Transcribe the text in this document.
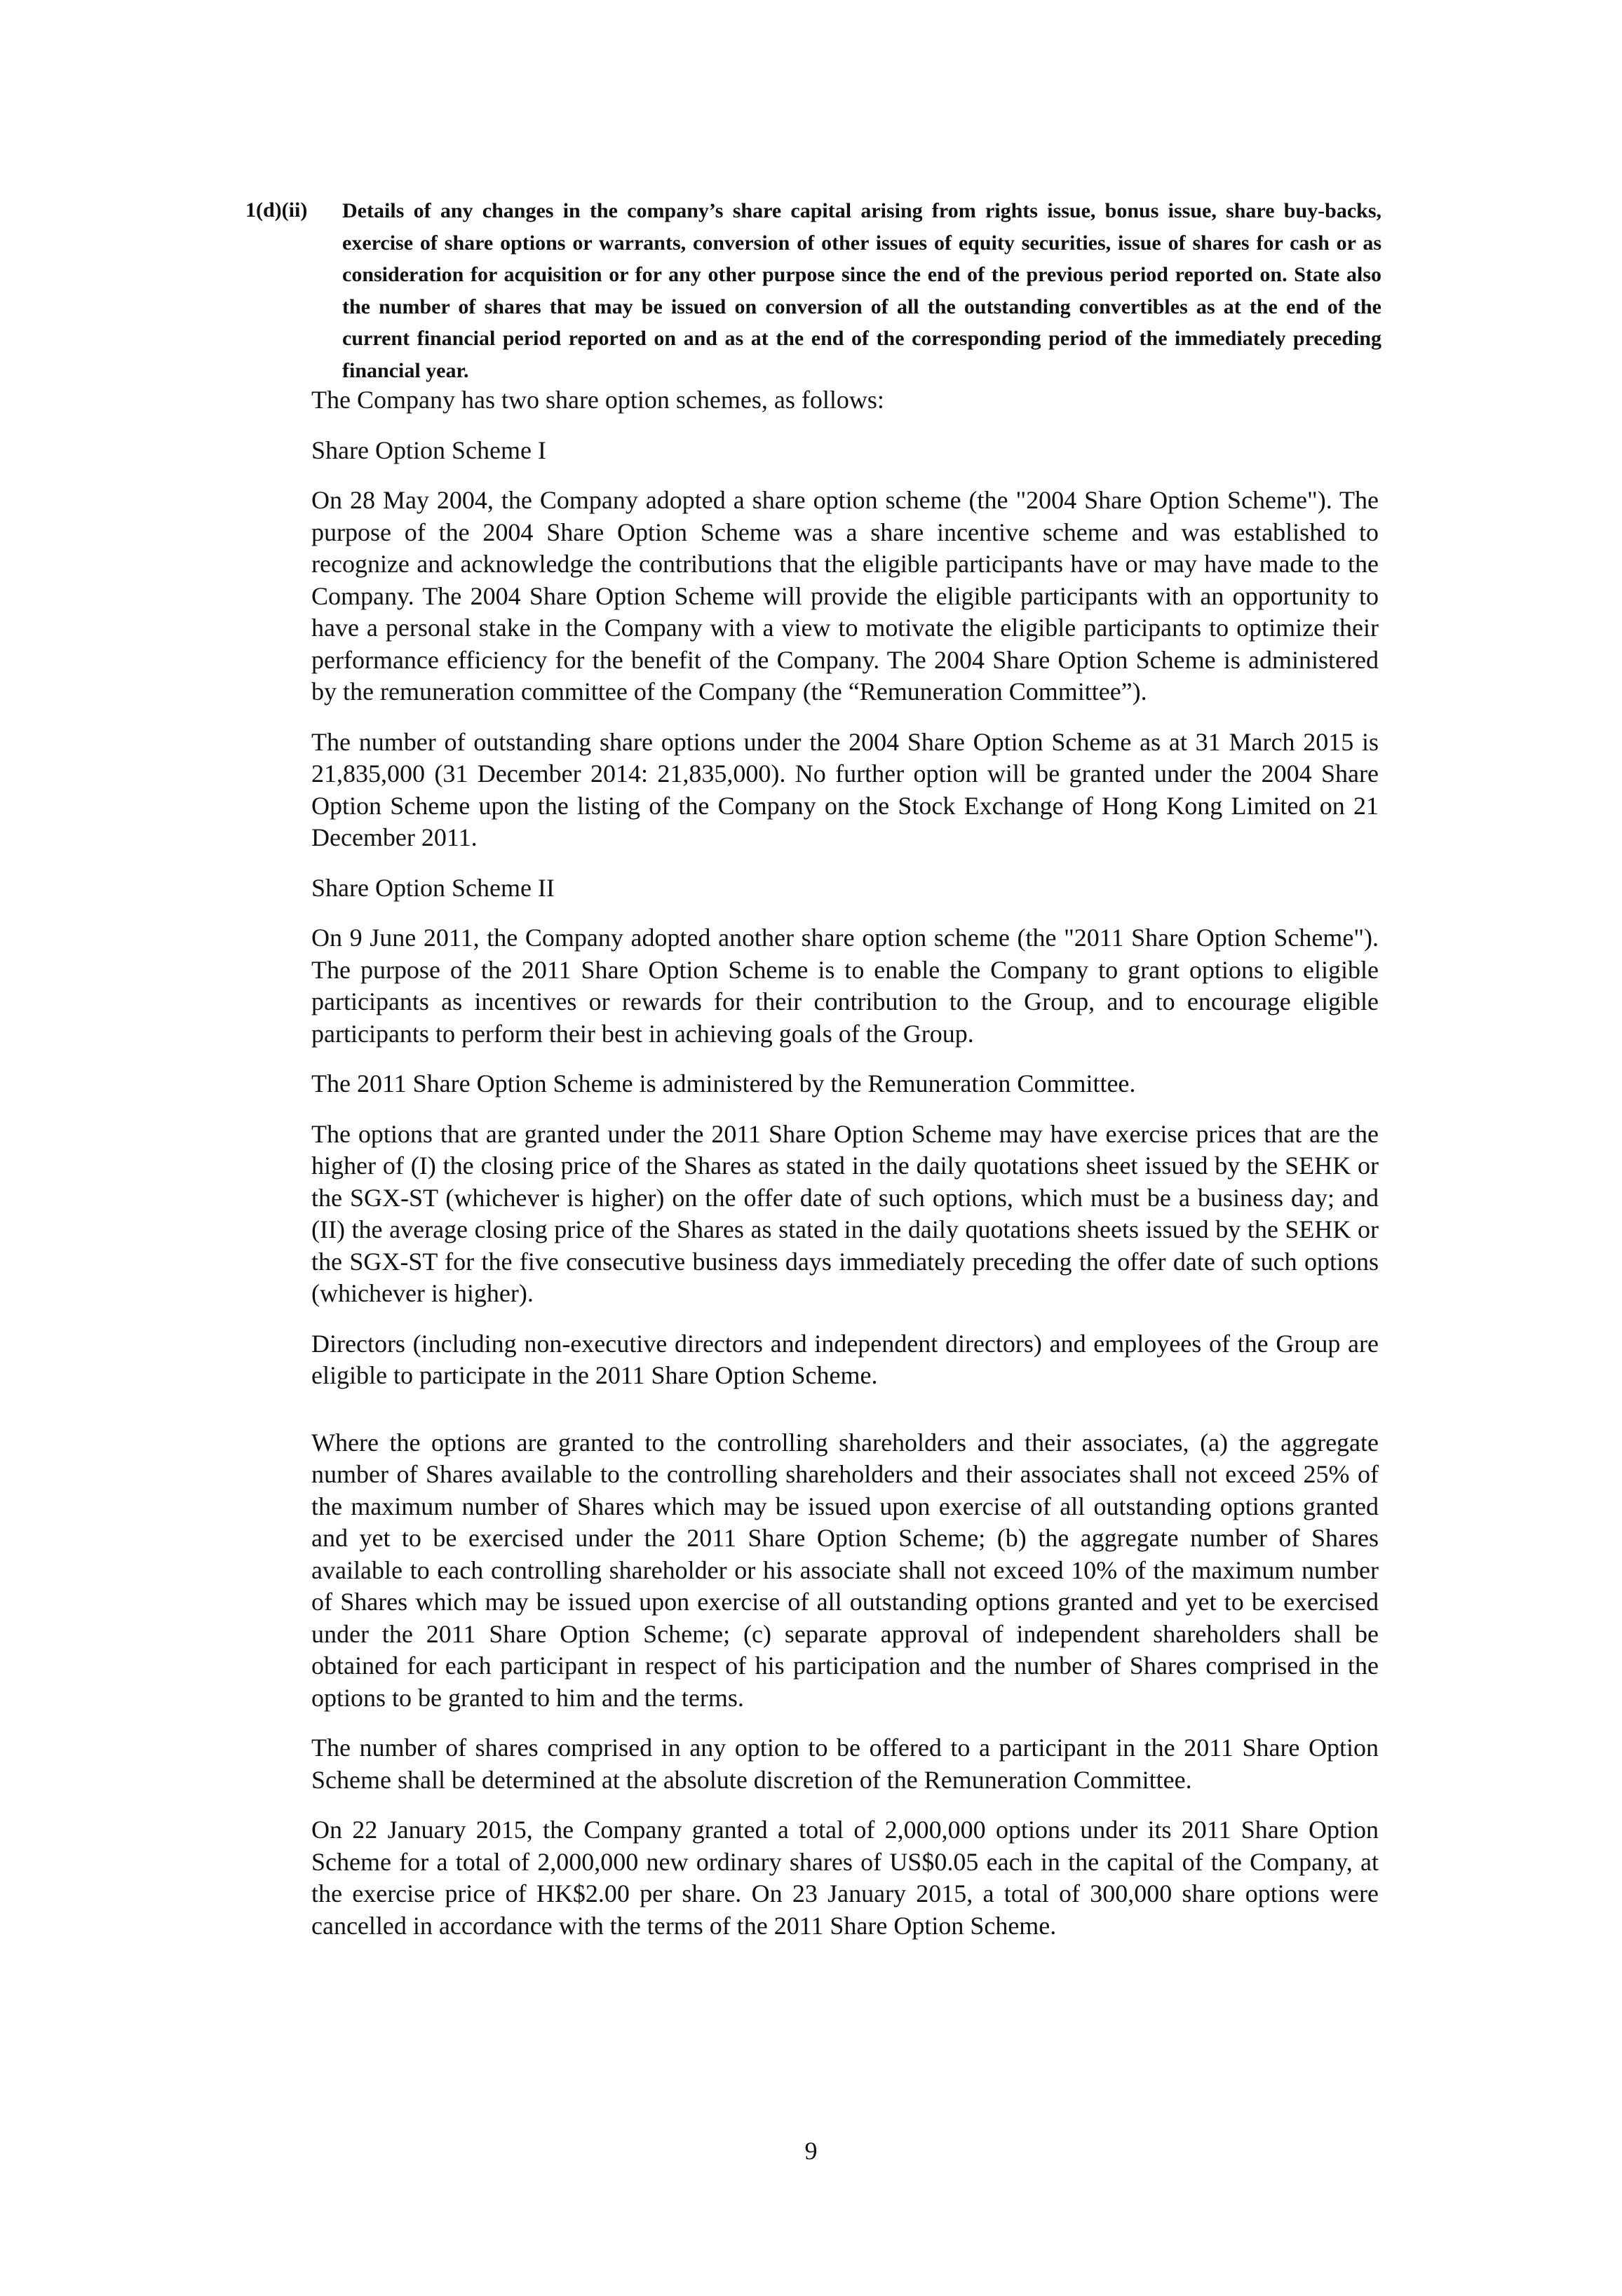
1(d)(ii)	Details of any changes in the company’s share capital arising from rights issue, bonus issue, share buy-backs, exercise of share options or warrants, conversion of other issues of equity securities, issue of shares for cash or as consideration for acquisition or for any other purpose since the end of the previous period reported on. State also the number of shares that may be issued on conversion of all the outstanding convertibles as at the end of the current financial period reported on and as at the end of the corresponding period of the immediately preceding financial year.

The Company has two share option schemes, as follows:

Share Option Scheme I

On 28 May 2004, the Company adopted a share option scheme (the "2004 Share Option Scheme"). The purpose of the 2004 Share Option Scheme was a share incentive scheme and was established to recognize and acknowledge the contributions that the eligible participants have or may have made to the Company. The 2004 Share Option Scheme will provide the eligible participants with an opportunity to have a personal stake in the Company with a view to motivate the eligible participants to optimize their performance efficiency for the benefit of the Company. The 2004 Share Option Scheme is administered by the remuneration committee of the Company (the “Remuneration Committee”).

The number of outstanding share options under the 2004 Share Option Scheme as at 31 March 2015 is 21,835,000 (31 December 2014: 21,835,000). No further option will be granted under the 2004 Share Option Scheme upon the listing of the Company on the Stock Exchange of Hong Kong Limited on 21 December 2011.

Share Option Scheme II

On 9 June 2011, the Company adopted another share option scheme (the "2011 Share Option Scheme"). The purpose of the 2011 Share Option Scheme is to enable the Company to grant options to eligible participants as incentives or rewards for their contribution to the Group, and to encourage eligible participants to perform their best in achieving goals of the Group.

The 2011 Share Option Scheme is administered by the Remuneration Committee.

The options that are granted under the 2011 Share Option Scheme may have exercise prices that are the higher of (I) the closing price of the Shares as stated in the daily quotations sheet issued by the SEHK or the SGX-ST (whichever is higher) on the offer date of such options, which must be a business day; and (II) the average closing price of the Shares as stated in the daily quotations sheets issued by the SEHK or the SGX-ST for the five consecutive business days immediately preceding the offer date of such options (whichever is higher).

Directors (including non-executive directors and independent directors) and employees of the Group are eligible to participate in the 2011 Share Option Scheme.

Where the options are granted to the controlling shareholders and their associates, (a) the aggregate number of Shares available to the controlling shareholders and their associates shall not exceed 25% of the maximum number of Shares which may be issued upon exercise of all outstanding options granted and yet to be exercised under the 2011 Share Option Scheme; (b) the aggregate number of Shares available to each controlling shareholder or his associate shall not exceed 10% of the maximum number of Shares which may be issued upon exercise of all outstanding options granted and yet to be exercised under the 2011 Share Option Scheme; (c) separate approval of independent shareholders shall be obtained for each participant in respect of his participation and the number of Shares comprised in the options to be granted to him and the terms.

The number of shares comprised in any option to be offered to a participant in the 2011 Share Option Scheme shall be determined at the absolute discretion of the Remuneration Committee.

On 22 January 2015, the Company granted a total of 2,000,000 options under its 2011 Share Option Scheme for a total of 2,000,000 new ordinary shares of US$0.05 each in the capital of the Company, at the exercise price of HK$2.00 per share. On 23 January 2015, a total of 300,000 share options were cancelled in accordance with the terms of the 2011 Share Option Scheme.

9
